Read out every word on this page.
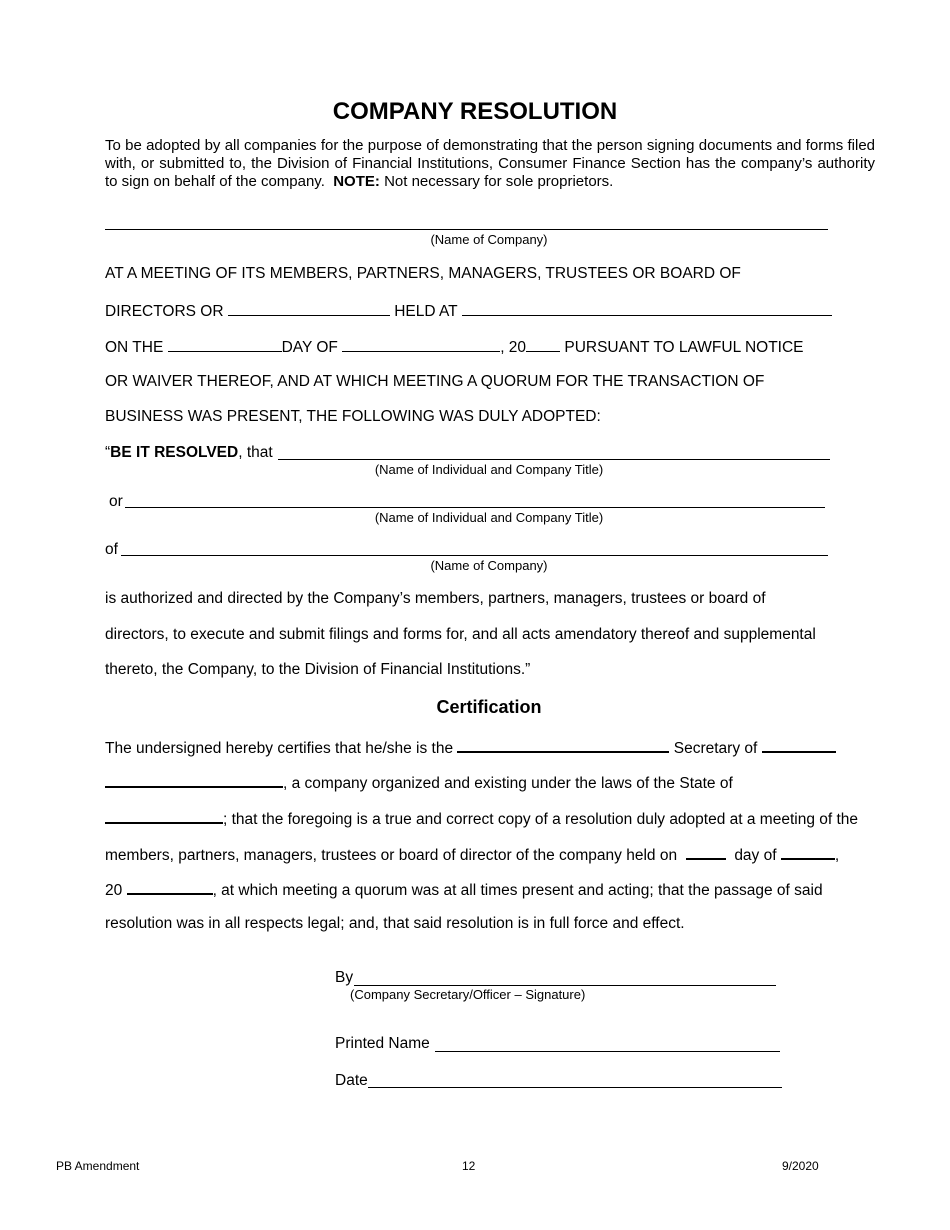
COMPANY RESOLUTION
To be adopted by all companies for the purpose of demonstrating that the person signing documents and forms filed with, or submitted to, the Division of Financial Institutions, Consumer Finance Section has the company’s authority to sign on behalf of the company. NOTE: Not necessary for sole proprietors.
(Name of Company)
AT A MEETING OF ITS MEMBERS, PARTNERS, MANAGERS, TRUSTEES OR BOARD OF
DIRECTORS OR	HELD AT
ON THE	DAY OF	, 20 PURSUANT TO LAWFUL NOTICE
OR WAIVER THEREOF, AND AT WHICH MEETING A QUORUM FOR THE TRANSACTION OF
BUSINESS WAS PRESENT, THE FOLLOWING WAS DULY ADOPTED:
“BE IT RESOLVED, that
(Name of Individual and Company Title)
or
(Name of Individual and Company Title)
of
(Name of Company)
is authorized and directed by the Company’s members, partners, managers, trustees or board of
directors, to execute and submit filings and forms for, and all acts amendatory thereof and supplemental
thereto, the Company, to the Division of Financial Institutions.”
Certification
The undersigned hereby certifies that he/she is the	Secretary of
, a company organized and existing under the laws of the State of
; that the foregoing is a true and correct copy of a resolution duly adopted at a meeting of the
members, partners, managers, trustees or board of director of the company held on	day of	,
20	, at which meeting a quorum was at all times present and acting; that the passage of said
resolution was in all respects legal; and, that said resolution is in full force and effect.
By
(Company Secretary/Officer – Signature)
Printed Name
Date
PB Amendment	12	9/2020
